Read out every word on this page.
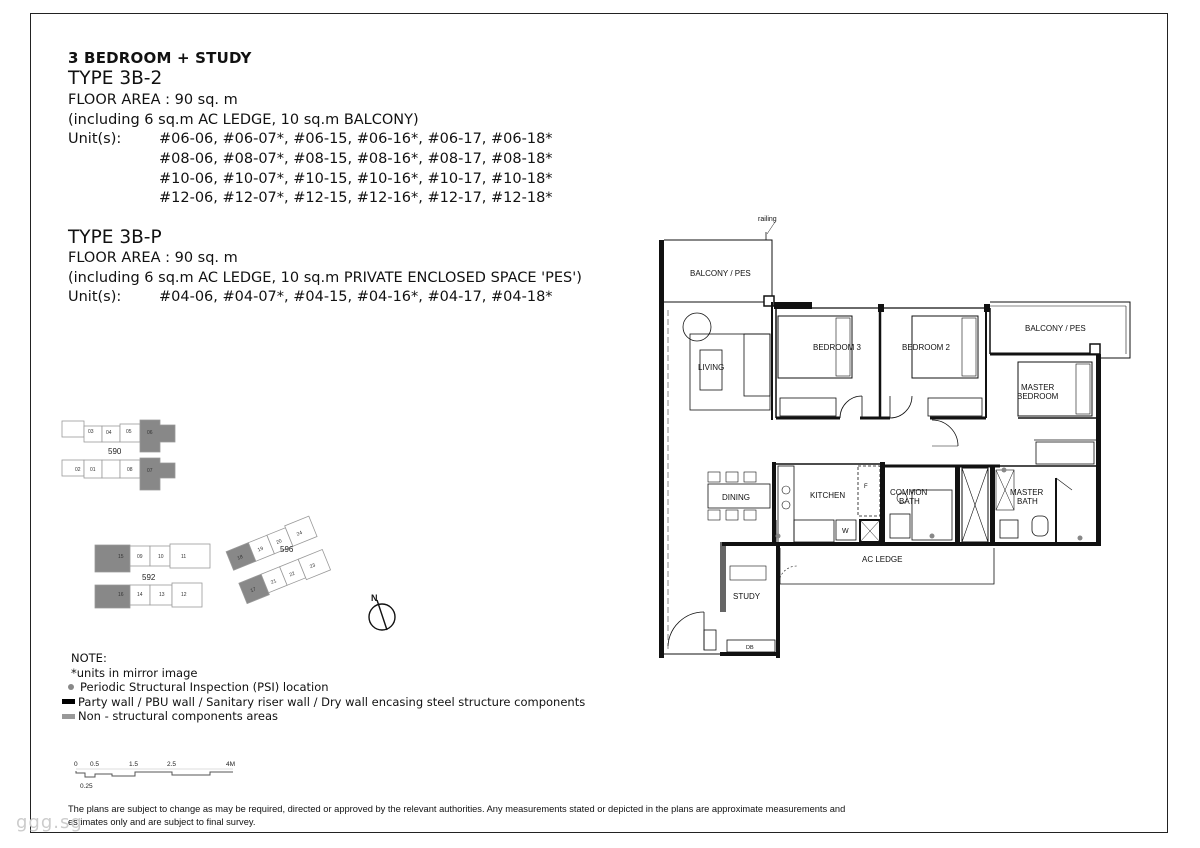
3 BEDROOM + STUDY
TYPE 3B-2
FLOOR AREA : 90 sq. m
(including 6 sq.m AC LEDGE, 10 sq.m BALCONY)
Unit(s):	#06-06, #06-07*, #06-15, #06-16*, #06-17, #06-18*
#08-06, #08-07*, #08-15, #08-16*, #08-17, #08-18*
#10-06, #10-07*, #10-15, #10-16*, #10-17, #10-18*
#12-06, #12-07*, #12-15, #12-16*, #12-17, #12-18*
TYPE 3B-P
FLOOR AREA : 90 sq. m
(including 6 sq.m AC LEDGE, 10 sq.m PRIVATE ENCLOSED SPACE 'PES')
Unit(s):	#04-06, #04-07*, #04-15, #04-16*, #04-17, #04-18*
03 04	05	06
02 01	08	07
590
15	09	10	11
16	14	13	12
592
18
19
20
17
21
22
23
24
596
N
0 0.5	1.5	2.5	4M
0.25
railing
BALCONY / PES
BALCONY / PES
LIVING
BEDROOM 3	BEDROOM 2
MASTER
BEDROOM
DINING	KITCHEN
F
W
COMMON
BATH
MASTER
BATH
AC LEDGE
STUDY
DB
NOTE:
*units in mirror image
Periodic Structural Inspection (PSI) location
Party wall / PBU wall / Sanitary riser wall / Dry wall encasing steel structure components
Non - structural components areas
The plans are subject to change as may be required, directed or approved by the relevant authorities. Any measurements stated or depicted in the plans are approximate measurements and estimates only and are subject to final survey.
ggg.sg
